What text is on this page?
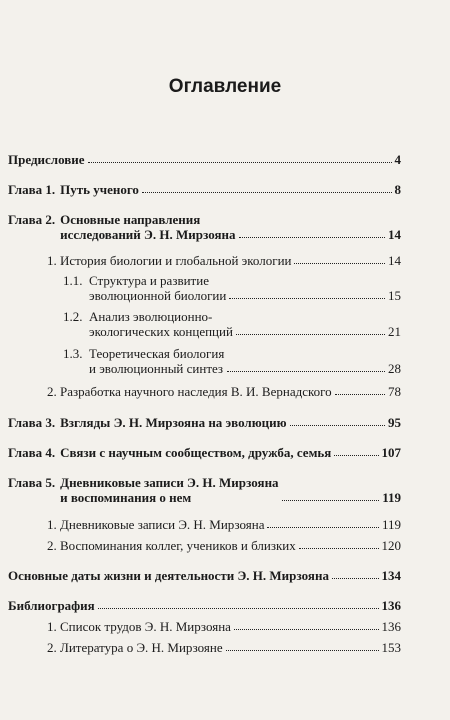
Оглавление
Предисловие	4
Глава 1. Путь ученого	8
Глава 2. Основные направления
исследований Э. Н. Мирзояна	14
1. История биологии и глобальной экологии	14
1.1. Структура и развитие
эволюционной биологии	15
1.2. Анализ эволюционно-
экологических концепций	21
1.3. Теоретическая биология
и эволюционный синтез	28
2. Разработка научного наследия В. И. Вернадского	78
Глава 3. Взгляды Э. Н. Мирзояна на эволюцию	95
Глава 4. Связи с научным сообществом, дружба, семья	107
Глава 5. Дневниковые записи Э. Н. Мирзояна
и воспоминания о нем	119
1. Дневниковые записи Э. Н. Мирзояна	119
2. Воспоминания коллег, учеников и близких	120
Основные даты жизни и деятельности Э. Н. Мирзояна	134
Библиография	136
1. Список трудов Э. Н. Мирзояна	136
2. Литература о Э. Н. Мирзояне	153
